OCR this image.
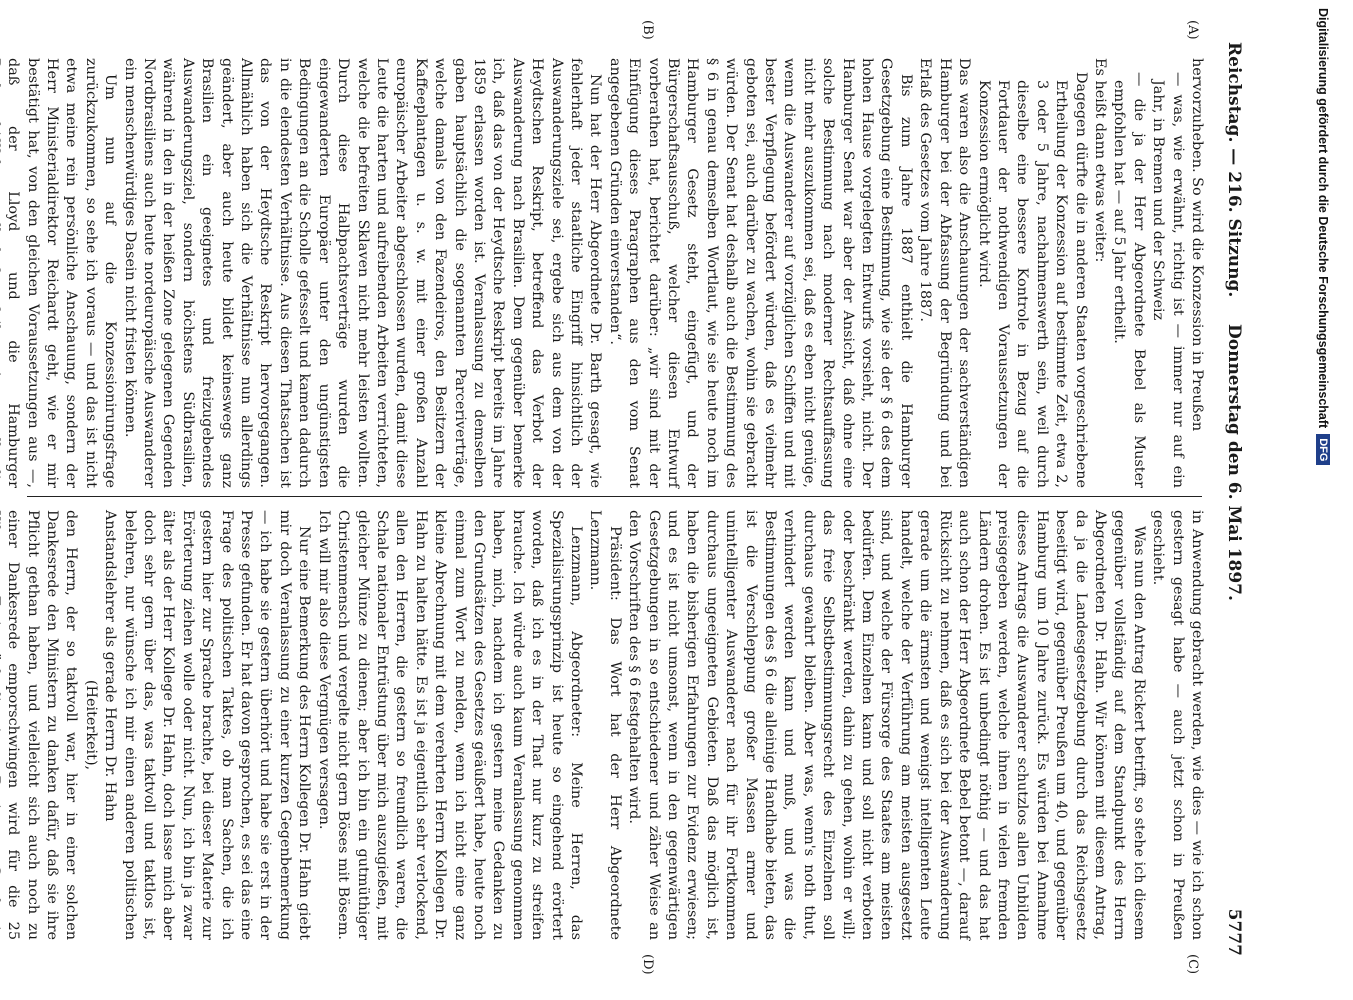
Reichstag. — 216. Sitzung.
Donnerstag den 6. Mai 1897.
5777
(A)
(B)
(C)
(D)

hervorzuheben. So wird die Konzession in Preußen

— was, wie erwähnt, richtig ist — immer nur auf ein Jahr, in Bremen und der Schweiz

— die ja der Herr Abgeordnete Bebel als Muster empfohlen hat — auf 5 Jahr ertheilt.

Es heißt dann etwas weiter:

Dagegen dürfte die in anderen Staaten vorgeschriebene Ertheilung der Konzession auf bestimmte Zeit, etwa 2, 3 oder 5 Jahre, nachahmenswerth sein, weil durch dieselbe eine bessere Kontrole in Bezug auf die Fortdauer der nothwendigen Voraussetzungen der Konzession ermöglicht wird.

Das waren also die Anschauungen der sachverständigen Hamburger bei der Abfassung der Begründung und bei Erlaß des Gesetzes vom Jahre 1887.

Bis zum Jahre 1887 enthielt die Hamburger Gesetzgebung eine Bestimmung, wie sie der § 6 des dem hohen Hause vorgelegten Entwurfs vorsieht, nicht. Der Hamburger Senat war aber der Ansicht, daß ohne eine solche Bestimmung nach moderner Rechtsauffassung nicht mehr auszukommen sei, daß es eben nicht genüge, wenn die Auswanderer auf vorzüglichen Schiffen und mit bester Verpflegung befördert würden, daß es vielmehr geboten sei, auch darüber zu wachen, wohin sie gebracht würden. Der Senat hat deshalb auch die Bestimmung des § 6 in genau demselben Wortlaut, wie sie heute noch im Hamburger Gesetz steht, eingefügt, und der Bürgerschaftsausschuß, welcher diesen Entwurf vorberathen hat, berichtet darüber: „wir sind mit der Einfügung dieses Paragraphen aus den vom Senat angegebenen Gründen einverstanden“.

Nun hat der Herr Abgeordnete Dr. Barth gesagt, wie fehlerhaft jeder staatliche Eingriff hinsichtlich der Auswanderungsziele sei, ergebe sich aus dem von der Heydtschen Reskript, betreffend das Verbot der Auswanderung nach Brasilien. Dem gegenüber bemerke ich, daß das von der Heydtsche Reskript bereits im Jahre 1859 erlassen worden ist. Veranlassung zu demselben gaben hauptsächlich die sogenannten Parceriverträge, welche damals von den Fazendeiros, den Besitzern der Kaffeeplantagen u. s. w. mit einer großen Anzahl europäischer Arbeiter abgeschlossen wurden, damit diese Leute die harten und aufreibenden Arbeiten verrichteten, welche die befreiten Sklaven nicht mehr leisten wollten. Durch diese Halbpachtsverträge wurden die eingewanderten Europäer unter den ungünstigsten Bedingungen an die Scholle gefesselt und kamen dadurch in die elendesten Verhältnisse. Aus diesen Thatsachen ist das von der Heydtsche Reskript hervorgegangen. Allmählich haben sich die Verhältnisse nun allerdings geändert, aber auch heute bildet keineswegs ganz Brasilien ein geeignetes und freizugebendes Auswanderungsziel, sondern höchstens Südbrasilien, während in den in der heißen Zone gelegenen Gegenden Nordbrasiliens auch heute nordeuropäische Auswanderer ein menschenwürdiges Dasein nicht fristen können.

Um nun auf die Konzessionirungsfrage zurückzukommen, so sehe ich voraus — und das ist nicht etwa meine rein persönliche Anschauung, sondern der Herr Ministerialdirektor Reichardt geht, wie er mir bestätigt hat, von den gleichen Voraussetzungen aus —, daß der Lloyd und die Hamburger

in Anwendung gebracht werden, wie dies — wie ich schon gestern gesagt habe — auch jetzt schon in Preußen geschieht.

Was nun den Antrag Rickert betrifft, so stehe ich diesem gegenüber vollständig auf dem Standpunkt des Herrn Abgeordneten Dr. Hahn. Wir können mit diesem Antrag, da ja die Landesgesetzgebung durch das Reichsgesetz beseitigt wird, gegenüber Preußen um 40, und gegenüber Hamburg um 10 Jahre zurück. Es würden bei Annahme dieses Antrags die Auswanderer schutzlos allen Unbilden preisgegeben werden, welche ihnen in vielen fremden Ländern drohen. Es ist unbedingt nöthig — und das hat auch schon der Herr Abgeordnete Bebel betont —, darauf Rücksicht zu nehmen, daß es sich bei der Auswanderung gerade um die ärmsten und wenigst intelligenten Leute handelt, welche der Verführung am meisten ausgesetzt sind, und welche der Fürsorge des Staates am meisten bedürfen. Dem Einzelnen kann und soll nicht verboten oder beschränkt werden, dahin zu gehen, wohin er will; das freie Selbstbestimmungsrecht des Einzelnen soll durchaus gewahrt bleiben. Aber was, wenn's noth thut, verhindert werden kann und muß, und was die Bestimmungen des § 6 die alleinige Handhabe bieten, das ist die Verschleppung großer Massen armer und unintelligenter Auswanderer nach für ihr Fortkommen durchaus ungeeigneten Gebieten. Daß das möglich ist, haben die bisherigen Erfahrungen zur Evidenz erwiesen; und es ist nicht umsonst, wenn in den gegenwärtigen Gesetzgebungen in so entschiedener und zäher Weise an den Vorschriften des § 6 festgehalten wird.

Präsident: Das Wort hat der Herr Abgeordnete Lenzmann.

Lenzmann, Abgeordneter: Meine Herren, das Spezialisirungsprinzip ist heute so eingehend erörtert worden, daß ich es in der That nur kurz zu streifen brauche. Ich würde auch kaum Veranlassung genommen haben, mich, nachdem ich gestern meine Gedanken zu den Grundsätzen des Gesetzes geäußert habe, heute noch einmal zum Wort zu melden, wenn ich nicht eine ganz kleine Abrechnung mit dem verehrten Herrn Kollegen Dr. Hahn zu halten hätte. Es ist ja eigentlich sehr verlockend, allen den Herren, die gestern so freundlich waren, die Schale nationaler Entrüstung über mich auszugießen, mit gleicher Münze zu dienen; aber ich bin ein gutmüthiger Christenmensch und vergelte nicht gern Böses mit Bösem. Ich will mir also diese Vergnügen versagen.

Nur eine Bemerkung des Herrn Kollegen Dr. Hahn giebt mir doch Veranlassung zu einer kurzen Gegenbemerkung — ich habe sie gestern überhört und habe sie erst in der Presse gefunden. Er hat davon gesprochen, es sei das eine Frage des politischen Taktes, ob man Sachen, die ich gestern hier zur Sprache brachte, bei dieser Materie zur Erörterung ziehen wolle oder nicht. Nun, ich bin ja zwar älter als der Herr Kollege Dr. Hahn, doch lasse mich aber doch sehr gern über das, was taktvoll und taktlos ist, belehren, nur wünsche ich mir einen anderen politischen Anstandslehrer als gerade Herrn Dr. Hahn

(Heiterkeit),

den Herrn, der so taktvoll war, hier in einer solchen Dankesrede den Ministern zu danken dafür, daß sie ihre Pflicht gethan haben, und vielleicht sich auch noch zu einer Dankesrede emporschwingen wird für die 25

Digitalisierung gefördert durch die Deutsche Forschungsgemeinschaft
DFG
